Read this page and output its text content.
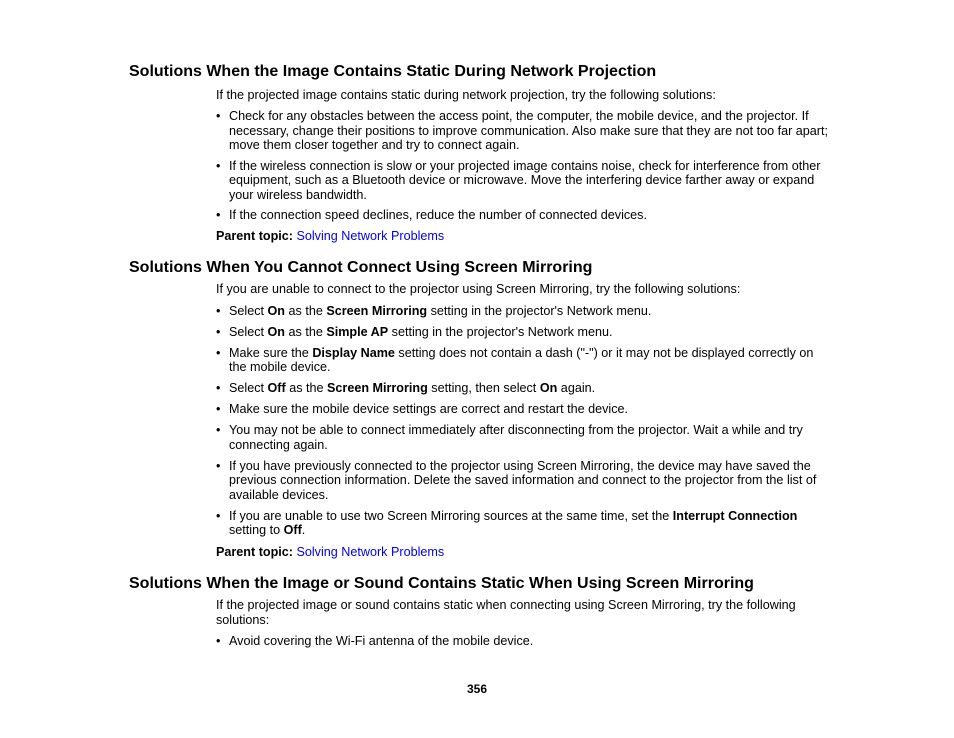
Solutions When the Image Contains Static During Network Projection

If the projected image contains static during network projection, try the following solutions:

• Check for any obstacles between the access point, the computer, the mobile device, and the projector. If necessary, change their positions to improve communication. Also make sure that they are not too far apart; move them closer together and try to connect again.
• If the wireless connection is slow or your projected image contains noise, check for interference from other equipment, such as a Bluetooth device or microwave. Move the interfering device farther away or expand your wireless bandwidth.
• If the connection speed declines, reduce the number of connected devices.

Parent topic: Solving Network Problems

Solutions When You Cannot Connect Using Screen Mirroring

If you are unable to connect to the projector using Screen Mirroring, try the following solutions:

• Select On as the Screen Mirroring setting in the projector's Network menu.
• Select On as the Simple AP setting in the projector's Network menu.
• Make sure the Display Name setting does not contain a dash ("-") or it may not be displayed correctly on the mobile device.
• Select Off as the Screen Mirroring setting, then select On again.
• Make sure the mobile device settings are correct and restart the device.
• You may not be able to connect immediately after disconnecting from the projector. Wait a while and try connecting again.
• If you have previously connected to the projector using Screen Mirroring, the device may have saved the previous connection information. Delete the saved information and connect to the projector from the list of available devices.
• If you are unable to use two Screen Mirroring sources at the same time, set the Interrupt Connection setting to Off.

Parent topic: Solving Network Problems

Solutions When the Image or Sound Contains Static When Using Screen Mirroring

If the projected image or sound contains static when connecting using Screen Mirroring, try the following solutions:

• Avoid covering the Wi-Fi antenna of the mobile device.
356
